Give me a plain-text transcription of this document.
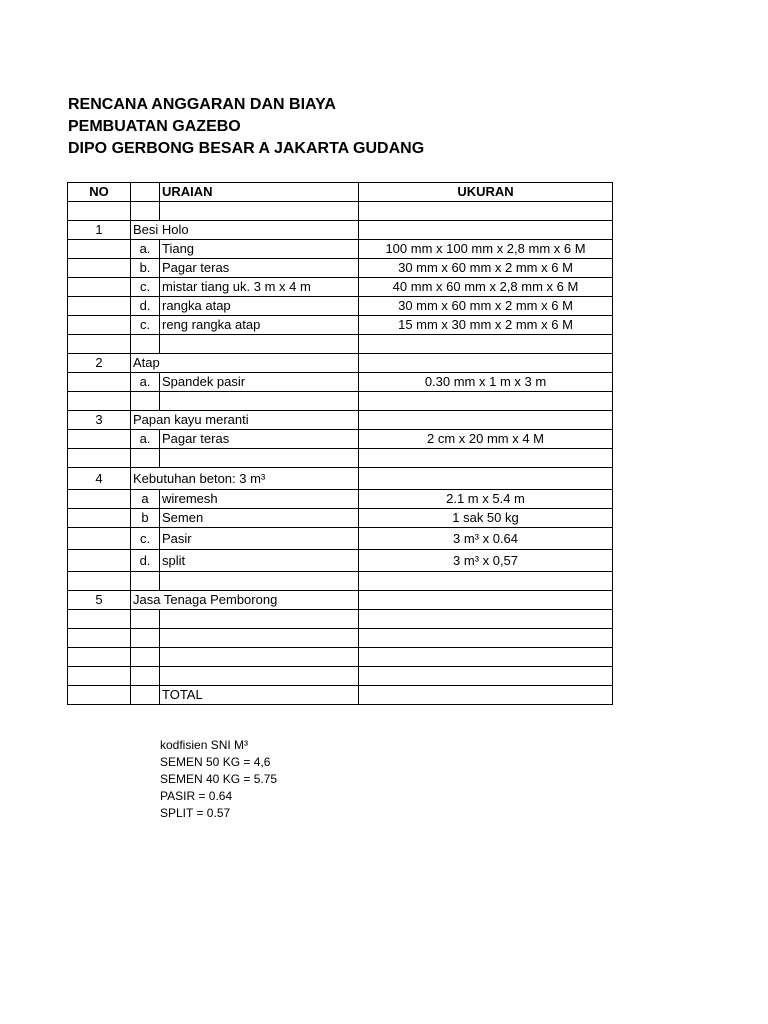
RENCANA ANGGARAN DAN BIAYA
PEMBUATAN GAZEBO
DIPO GERBONG BESAR A JAKARTA GUDANG
NO		URAIAN	UKURAN

1	Besi Holo		
	a.	Tiang	100 mm x 100 mm x 2,8 mm x 6 M
	b.	Pagar teras	30 mm x 60 mm x 2 mm x 6 M
	c.	mistar tiang uk. 3 m x 4 m	40 mm x 60 mm x 2,8 mm x 6 M
	d.	rangka atap	30 mm x 60 mm x 2 mm x 6 M
	c.	reng rangka atap	15 mm x 30 mm x 2 mm x 6 M

2	Atap		
	a.	Spandek pasir	0.30 mm x 1 m x 3 m

3	Papan kayu meranti		
	a.	Pagar teras	2 cm x 20 mm x 4 M

4	Kebutuhan beton: 3 m³		
	a	wiremesh	2.1 m x 5.4 m
	b	Semen	1 sak 50 kg
	c.	Pasir	3 m³ x 0.64
	d.	split	3 m³ x 0,57

5	Jasa Tenaga Pemborong		

		TOTAL	
kodfisien SNI M³
SEMEN 50 KG = 4,6
SEMEN 40 KG = 5.75
PASIR = 0.64
SPLIT = 0.57
